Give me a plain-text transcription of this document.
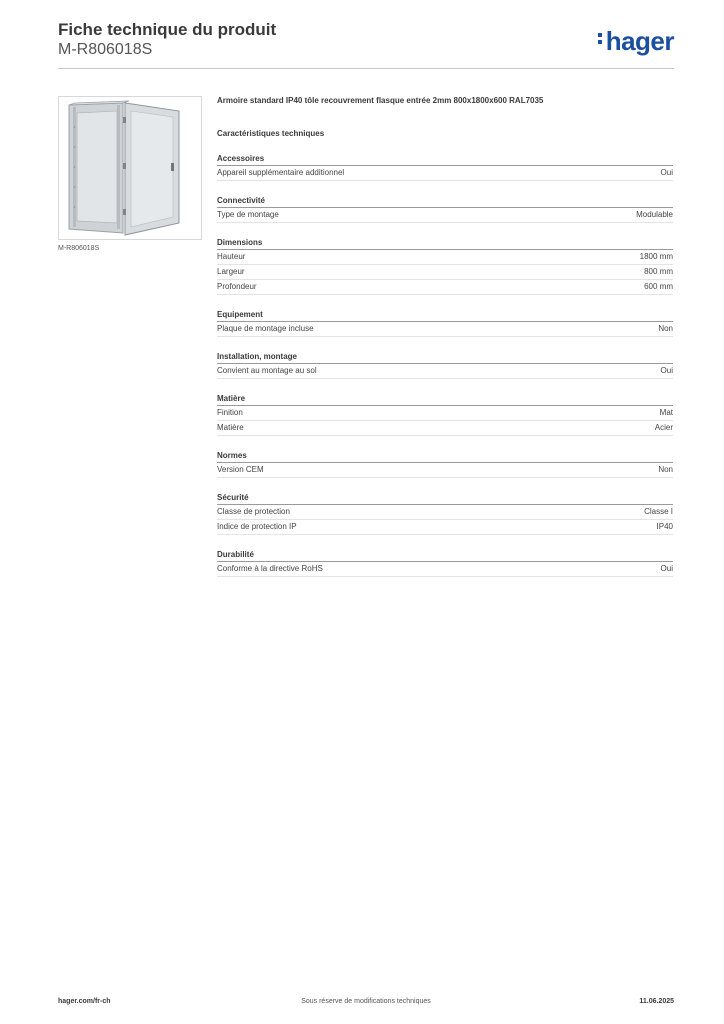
Fiche technique du produit
M-R806018S	hager
M-R806018S
Armoire standard IP40 tôle recouvrement flasque entrée 2mm 800x1800x600 RAL7035
Caractéristiques techniques
Accessoires
Appareil supplémentaire additionnel	Oui
Connectivité
Type de montage	Modulable
Dimensions
Hauteur	1800 mm
Largeur	800 mm
Profondeur	600 mm
Equipement
Plaque de montage incluse	Non
Installation, montage
Convient au montage au sol	Oui
Matière
Finition	Mat
Matière	Acier
Normes
Version CEM	Non
Sécurité
Classe de protection	Classe I
Indice de protection IP	IP40
Durabilité
Conforme à la directive RoHS	Oui
hager.com/fr-ch	Sous réserve de modifications techniques	11.06.2025
